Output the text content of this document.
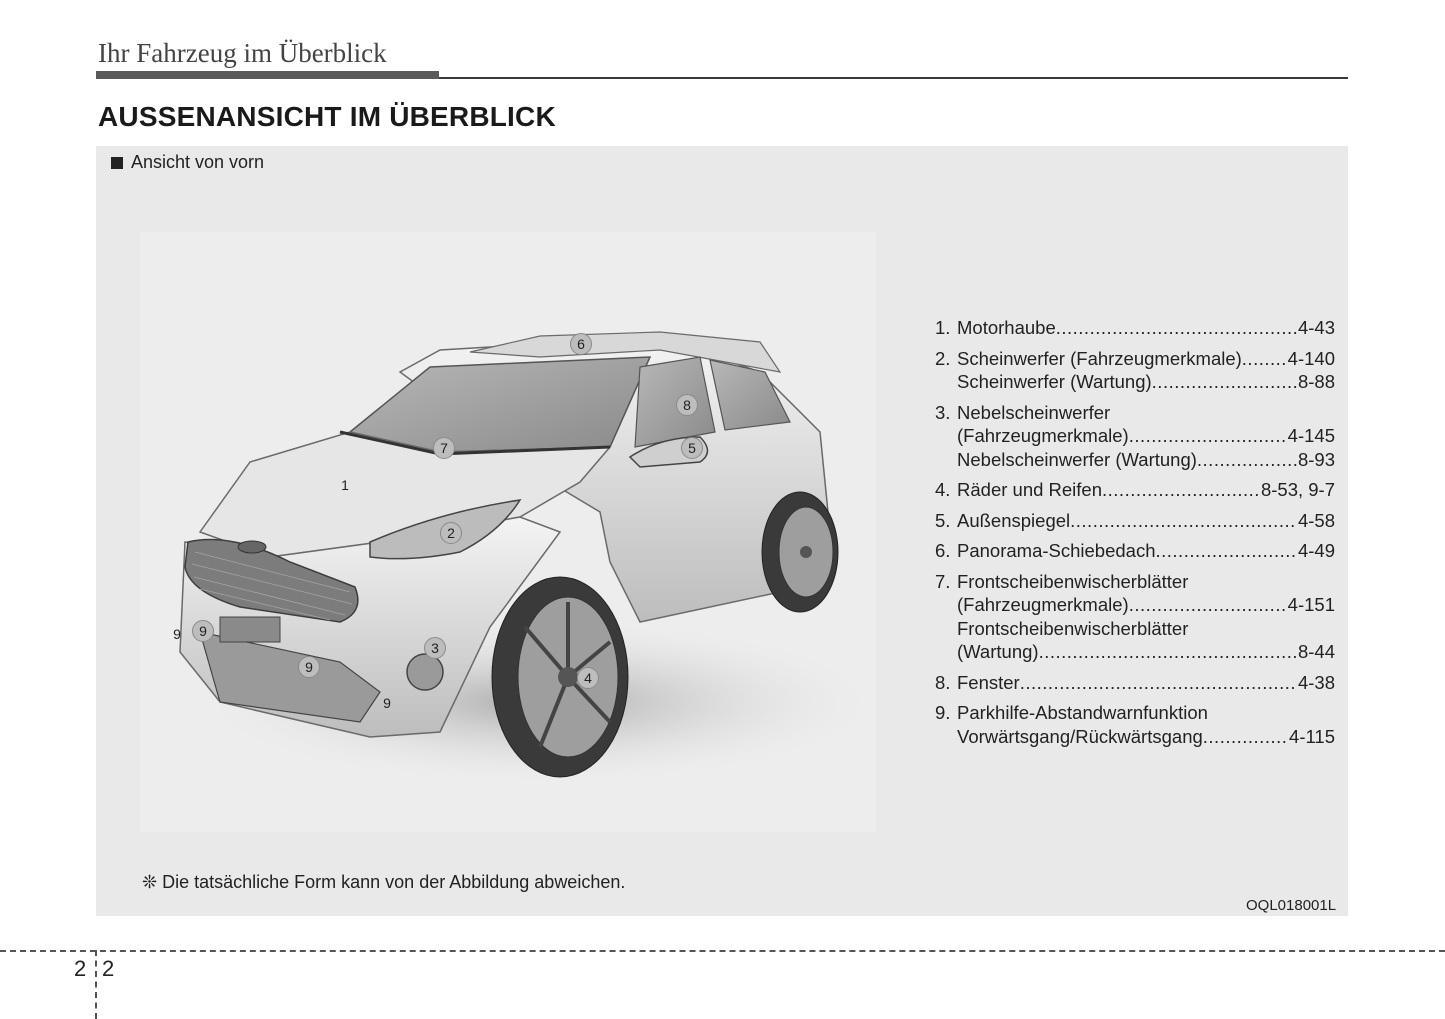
Ihr Fahrzeug im Überblick
AUSSENANSICHT IM ÜBERBLICK
Ansicht von vorn
1
2
3
4
5
6
7
8
9	9
9
9
1. Motorhaube .....	4-43
2. Scheinwerfer (Fahrzeugmerkmale) ..... 4-140
Scheinwerfer (Wartung) .....	8-88
3. Nebelscheinwerfer
(Fahrzeugmerkmale) .....	4-145
Nebelscheinwerfer (Wartung) .....	8-93
4. Räder und Reifen .....	8-53, 9-7
5. Außenspiegel .....	4-58
6. Panorama-Schiebedach .....	4-49
7. Frontscheibenwischerblätter
(Fahrzeugmerkmale) .....	4-151
Frontscheibenwischerblätter
(Wartung) .....	8-44
8. Fenster .....	4-38
9. Parkhilfe-Abstandwarnfunktion
Vorwärtsgang/Rückwärtsgang .....	4-115
❊ Die tatsächliche Form kann von der Abbildung abweichen.
OQL018001L
2 2
